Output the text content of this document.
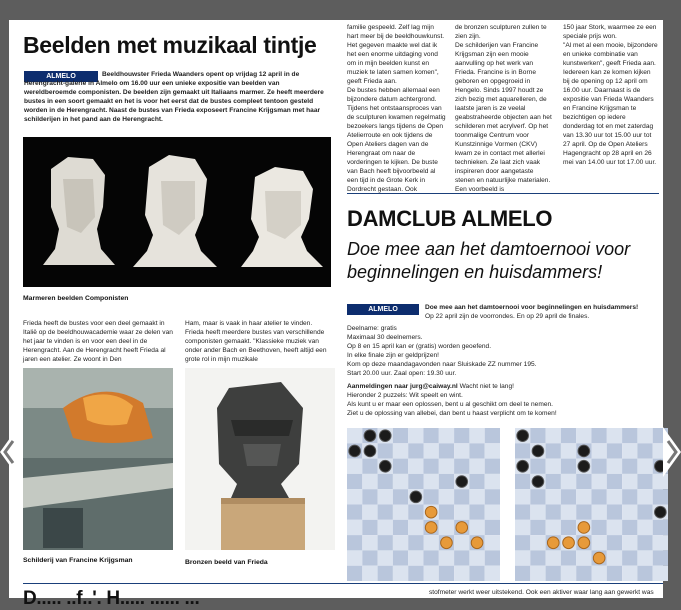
Beelden met muzikaal tintje
ALMELO	Beeldhouwster Frieda Waanders opent op vrijdag 12 april in de Herengracht-galerie in Almelo om 16.00 uur een unieke expositie van beelden van wereldberoemde componisten. De beelden zijn gemaakt uit Italiaans marmer. Ze heeft meerdere bustes in een soort gemaakt en het is voor het eerst dat de bustes compleet tentoon gesteld worden in de Herengracht. Naast de bustes van Frieda exposeert Francine Krijgsman met haar schilderijen in het pand aan de Herengracht.
Marmeren beelden Componisten
Frieda heeft de bustes voor een deel gemaakt in Italië op de beeldhouwacademie waar ze delen van het jaar te vinden is en voor een deel in de Herengracht. Aan de Herengracht heeft Frieda al jaren een atelier. Ze woont in Den
Ham, maar is vaak in haar atelier te vinden.
Frieda heeft meerdere bustes van verschillende componisten gemaakt. "Klassieke muziek van onder ander Bach en Beethoven, heeft altijd een grote rol in mijn muzikale
Schilderij van Francine Krijgsman	Bronzen beeld van Frieda
familie gespeeld. Zelf lag mijn hart meer bij de beeldhouwkunst. Het gegeven maakte wel dat ik het een enorme uitdaging vond om in mijn beelden kunst en muziek te laten samen komen", geeft Frieda aan.
De bustes hebben allemaal een bijzondere datum achtergrond. Tijdens het ontstaansproces van de sculpturen kwamen regelmatig bezoekers langs tijdens de Open Atelierroute en ook tijdens de Open Ateliers dagen van de Herengraat om naar de vorderingen te kijken. De buste van Bach heeft bijvoorbeeld al een tijd in de Grote Kerk in Dordrecht gestaan. Ook
de bronzen sculpturen zullen te zien zijn.
De schilderijen van Francine Krijgsman zijn een mooie aanvulling op het werk van Frieda. Francine is in Borne geboren en opgegroeid in Hengelo. Sinds 1997 houdt ze zich bezig met aquarelleren, de laatste jaren is ze veelal geabstraheerde objecten aan het schilderen met acrylverf. Op het toonmalige Centrum voor Kunstzinnige Vormen (CKV) kwam ze in contact met allerlei technieken. Ze laat zich vaak inspireren door aangetaste stenen en natuurlijke materialen. Een voorbeeld is
150 jaar Stork, waarmee ze een speciale prijs won.
"Al met al een mooie, bijzondere en unieke combinatie van kunstwerken", geeft Frieda aan. Iedereen kan ze komen kijken bij de opening op 12 april om 16.00 uur. Daarnaast is de expositie van Frieda Waanders en Francine Krijgsman te bezichtigen op iedere donderdag tot en met zaterdag van 13.30 uur tot 15.00 uur tot 27 april. Op de Open Ateliers Hagengracht op 28 april en 26 mei van 14.00 uur tot 17.00 uur.
DAMCLUB ALMELO
Doe mee aan het damtoernooi voor beginnelingen en huisdammers!
ALMELO	Doe mee aan het damtoernooi voor beginnelingen en huisdammers!
Op 22 april zijn de voorrondes. En op 29 april de finales.
Deelname: gratis
Maximaal 30 deelnemers.
Op 8 en 15 april kan er (gratis) worden geoefend.
In elke finale zijn er geldprijzen!
Kom op deze maandagavonden naar Sluiskade ZZ nummer 195.
Start 20.00 uur. Zaal open: 19.30 uur.
Aanmeldingen naar jurg@caiway.nl Wacht niet te lang!
Hieronder 2 puzzels: Wit speelt en wint.
Als kunt u er maar een oplossen, bent u al geschikt om deel te nemen.
Ziet u de oplossing van allebei, dan bent u haast verplicht om te komen!
D..... ..f..'. H..... ...... ...	stofmeter werkt weer uitstekend. Ook een aktiver waar lang aan gewerkt was
